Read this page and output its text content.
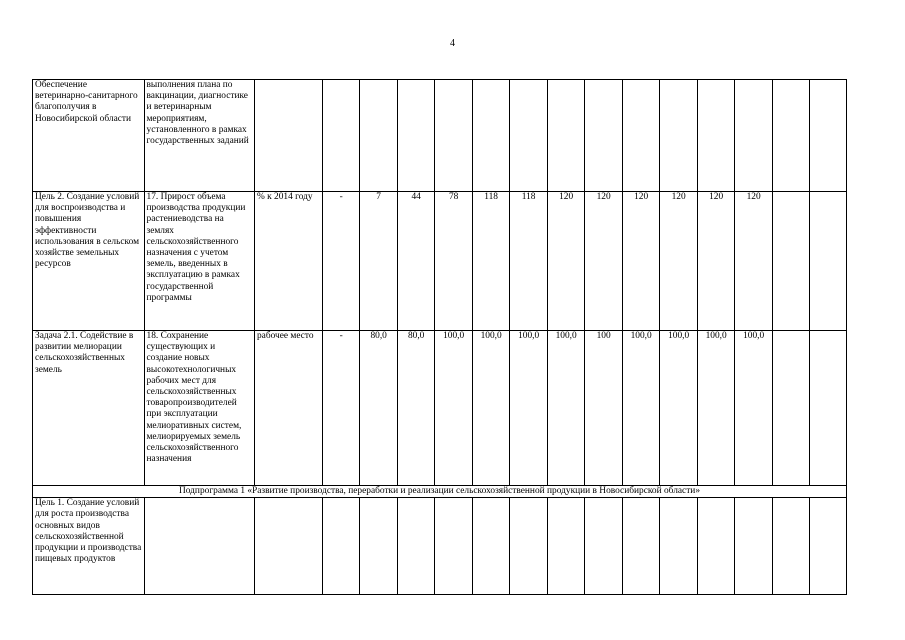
4
Обеспечение ветеринарно-санитарного благополучия в Новосибирской области	выполнения плана по вакцинации, диагностике и ветеринарным мероприятиям, установленного в рамках государственных заданий															
Цель 2. Создание условий для воспроизводства и повышения эффективности использования в сельском хозяйстве земельных ресурсов	17. Прирост объема производства продукции растениеводства на землях сельскохозяйственного назначения с учетом земель, введенных в эксплуатацию в рамках государственной программы	% к 2014 году	-	7	44	78	118	118	120	120	120	120	120	120		
Задача 2.1. Содействие в развитии мелиорации сельскохозяйственных земель	18. Сохранение существующих и создание новых высокотехнологичных рабочих мест для сельскохозяйственных товаропроизводителей при эксплуатации мелиоративных систем, мелиорируемых земель сельскохозяйственного назначения	рабочее место	-	80,0	80,0	100,0	100,0	100,0	100,0	100	100,0	100,0	100,0	100,0		
Подпрограмма 1 «Развитие производства, переработки и реализации сельскохозяйственной продукции в Новосибирской области»																
Цель 1. Создание условий для роста производства основных видов сельскохозяйственной продукции и производства пищевых продуктов																
